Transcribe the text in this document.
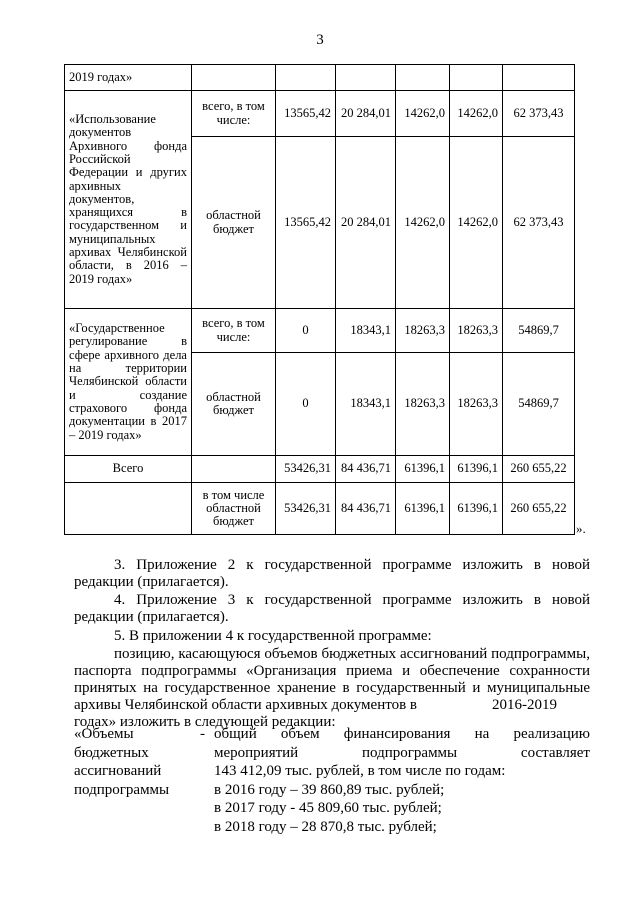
3
2019 годах»						
«Использование документов Архивного фонда Российской Федерации и других архивных документов, хранящихся в государственном и муниципальных архивах Челябинской области, в 2016 – 2019 годах»	всего, в том числе:	13565,42	20 284,01	14262,0	14262,0	62 373,43
	областной бюджет	13565,42	20 284,01	14262,0	14262,0	62 373,43
«Государственное регулирование в сфере архивного дела на территории Челябинской области и создание страхового фонда документации в 2017 – 2019 годах»	всего, в том числе:	0	18343,1	18263,3	18263,3	54869,7
	областной бюджет	0	18343,1	18263,3	18263,3	54869,7
Всего		53426,31	84 436,71	61396,1	61396,1	260 655,22
	в том числе областной бюджет	53426,31	84 436,71	61396,1	61396,1	260 655,22
».
3. Приложение 2 к государственной программе изложить в новой
редакции (прилагается).
4. Приложение 3 к государственной программе изложить в новой
редакции (прилагается).
5. В приложении 4 к государственной программе:
позицию, касающуюся объемов бюджетных ассигнований подпрограммы,
паспорта подпрограммы «Организация приема и обеспечение сохранности
принятых на государственное хранение в государственный и муниципальные
архивы Челябинской области архивных документов в                    2016-2019
годах» изложить в следующей редакции:
«Объемы	- общий объем финансирования на реализацию
бюджетных	мероприятий подпрограммы составляет
ассигнований	143 412,09 тыс. рублей, в том числе по годам:
подпрограммы	в 2016 году – 39 860,89 тыс. рублей;
в 2017 году - 45 809,60 тыс. рублей;
в 2018 году – 28 870,8 тыс. рублей;
